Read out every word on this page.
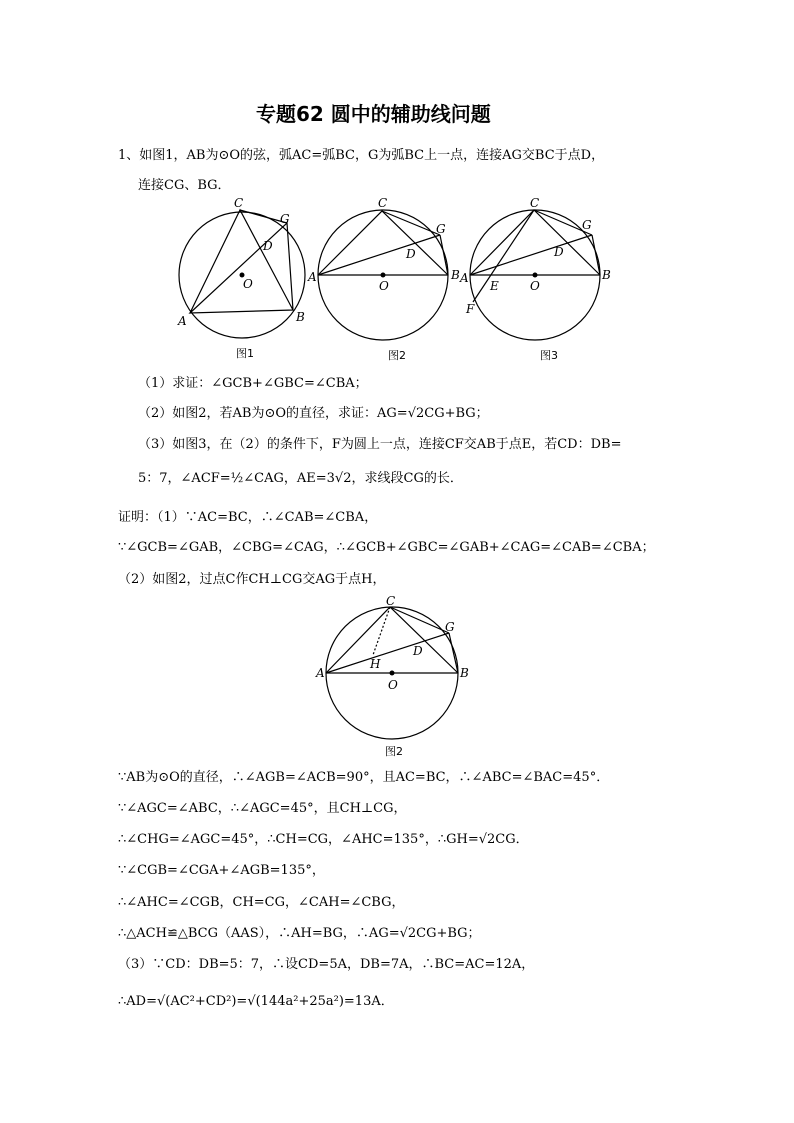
专题62 圆中的辅助线问题
1、如图1，AB为⊙O的弦，弧AC=弧BC，G为弧BC上一点，连接AG交BC于点D，
连接CG、BG．
C
G
D
O
A	B
C
G
D
A	B
O
C
G
D
A	B
E	O
F
图1	图2	图3
（1）求证：∠GCB+∠GBC=∠CBA；
（2）如图2，若AB为⊙O的直径，求证：AG=√2CG+BG；
（3）如图3，在（2）的条件下，F为圆上一点，连接CF交AB于点E，若CD：DB=
5：7，∠ACF=½∠CAG，AE=3√2，求线段CG的长．
证明：（1）∵AC=BC，∴∠CAB=∠CBA，
∵∠GCB=∠GAB，∠CBG=∠CAG，∴∠GCB+∠GBC=∠GAB+∠CAG=∠CAB=∠CBA；
（2）如图2，过点C作CH⊥CG交AG于点H，
C
G
D
H
A	B
O
图2
∵AB为⊙O的直径，∴∠AGB=∠ACB=90°，且AC=BC，∴∠ABC=∠BAC=45°．
∵∠AGC=∠ABC，∴∠AGC=45°，且CH⊥CG，
∴∠CHG=∠AGC=45°，∴CH=CG，∠AHC=135°，∴GH=√2CG．
∵∠CGB=∠CGA+∠AGB=135°，
∴∠AHC=∠CGB，CH=CG，∠CAH=∠CBG，
∴△ACH≌△BCG（AAS），∴AH=BG，∴AG=√2CG+BG；
（3）∵CD：DB=5：7，∴设CD=5A，DB=7A，∴BC=AC=12A，
∴AD=√(AC²+CD²)=√(144a²+25a²)=13A．
